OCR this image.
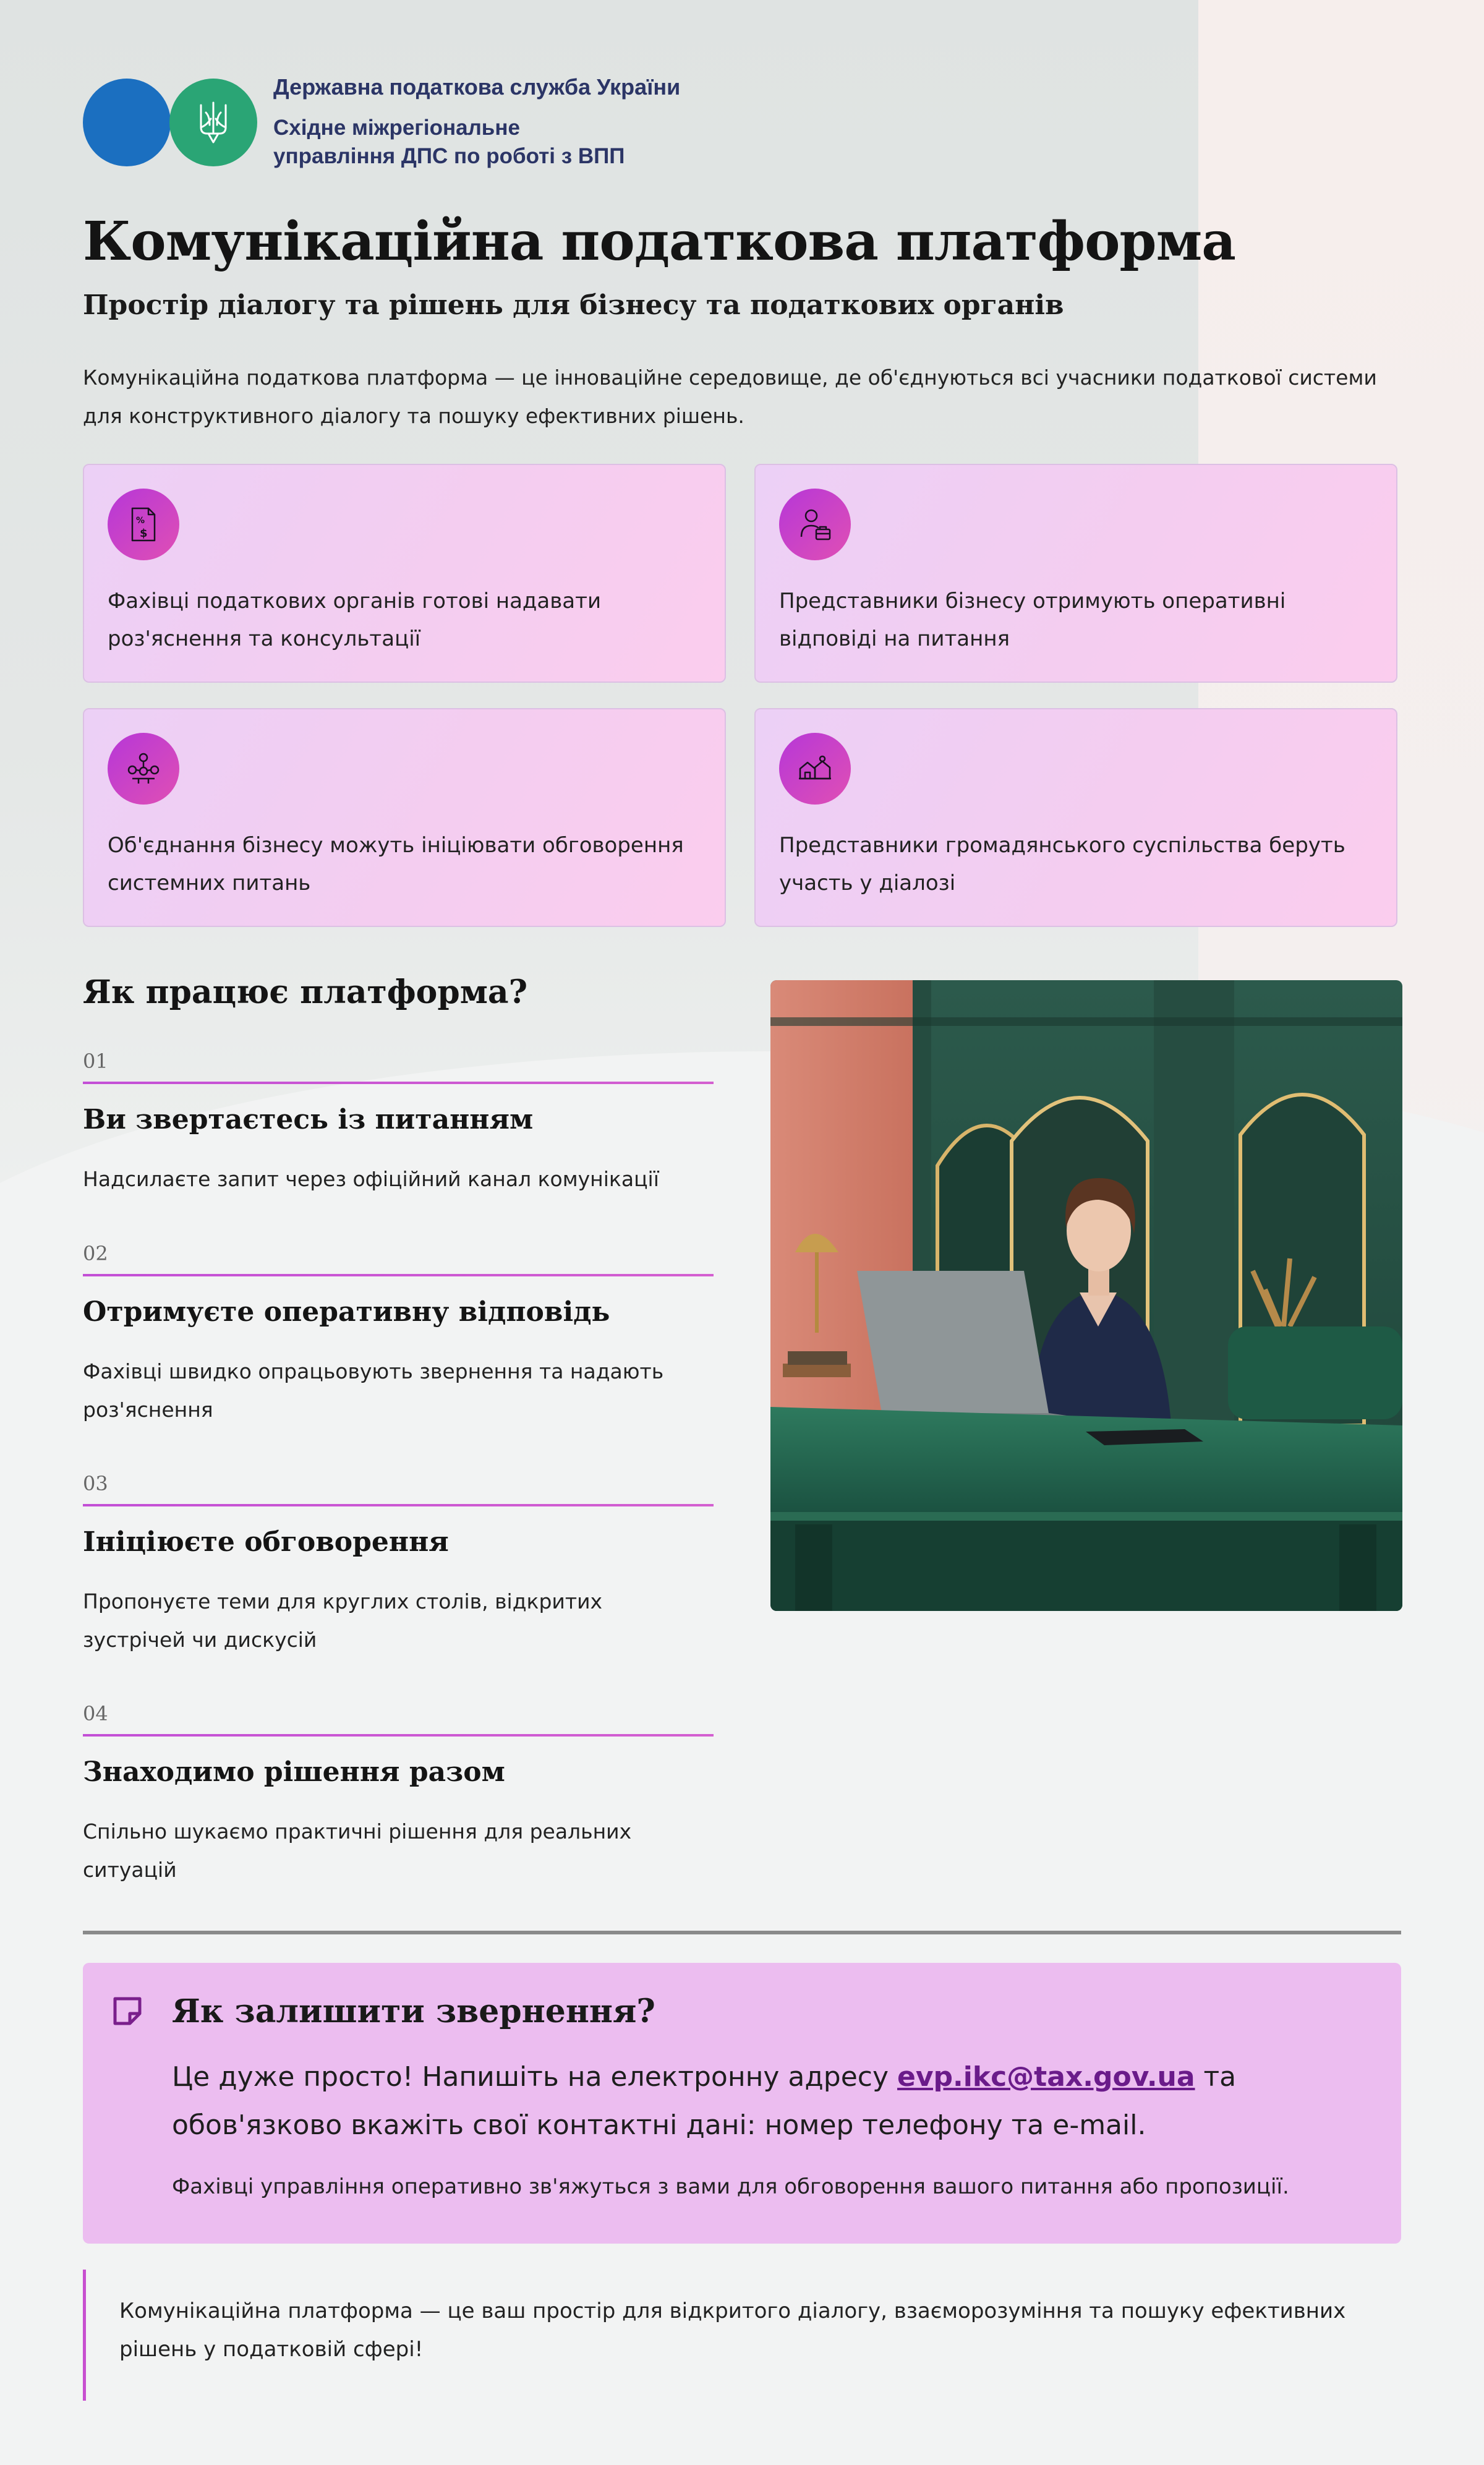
Державна податкова служба України
Східне міжрегіональне
управління ДПС по роботі з ВПП
Комунікаційна податкова платформа
Простір діалогу та рішень для бізнесу та податкових органів

Комунікаційна податкова платформа — це інноваційне середовище, де об'єднуються всі учасники податкової системи для конструктивного діалогу та пошуку ефективних рішень.

%
$
Фахівці податкових органів готові надавати роз'яснення та консультації
Представники бізнесу отримують оперативні відповіді на питання
Об'єднання бізнесу можуть ініціювати обговорення системних питань
Представники громадянського суспільства беруть участь у діалозі
Як працює платформа?
01
Ви звертаєтесь із питанням
Надсилаєте запит через офіційний канал комунікації
02
Отримуєте оперативну відповідь
Фахівці швидко опрацьовують звернення та надають роз'яснення
03
Ініціюєте обговорення
Пропонуєте теми для круглих столів, відкритих зустрічей чи дискусій
04
Знаходимо рішення разом
Спільно шукаємо практичні рішення для реальних ситуацій
Як залишити звернення?
Це дуже просто! Напишіть на електронну адресу evp.ikc@tax.gov.ua та обов'язково вкажіть свої контактні дані: номер телефону та e-mail.
Фахівці управління оперативно зв'яжуться з вами для обговорення вашого питання або пропозиції.
Комунікаційна платформа — це ваш простір для відкритого діалогу, взаєморозуміння та пошуку ефективних рішень у податковій сфері!
